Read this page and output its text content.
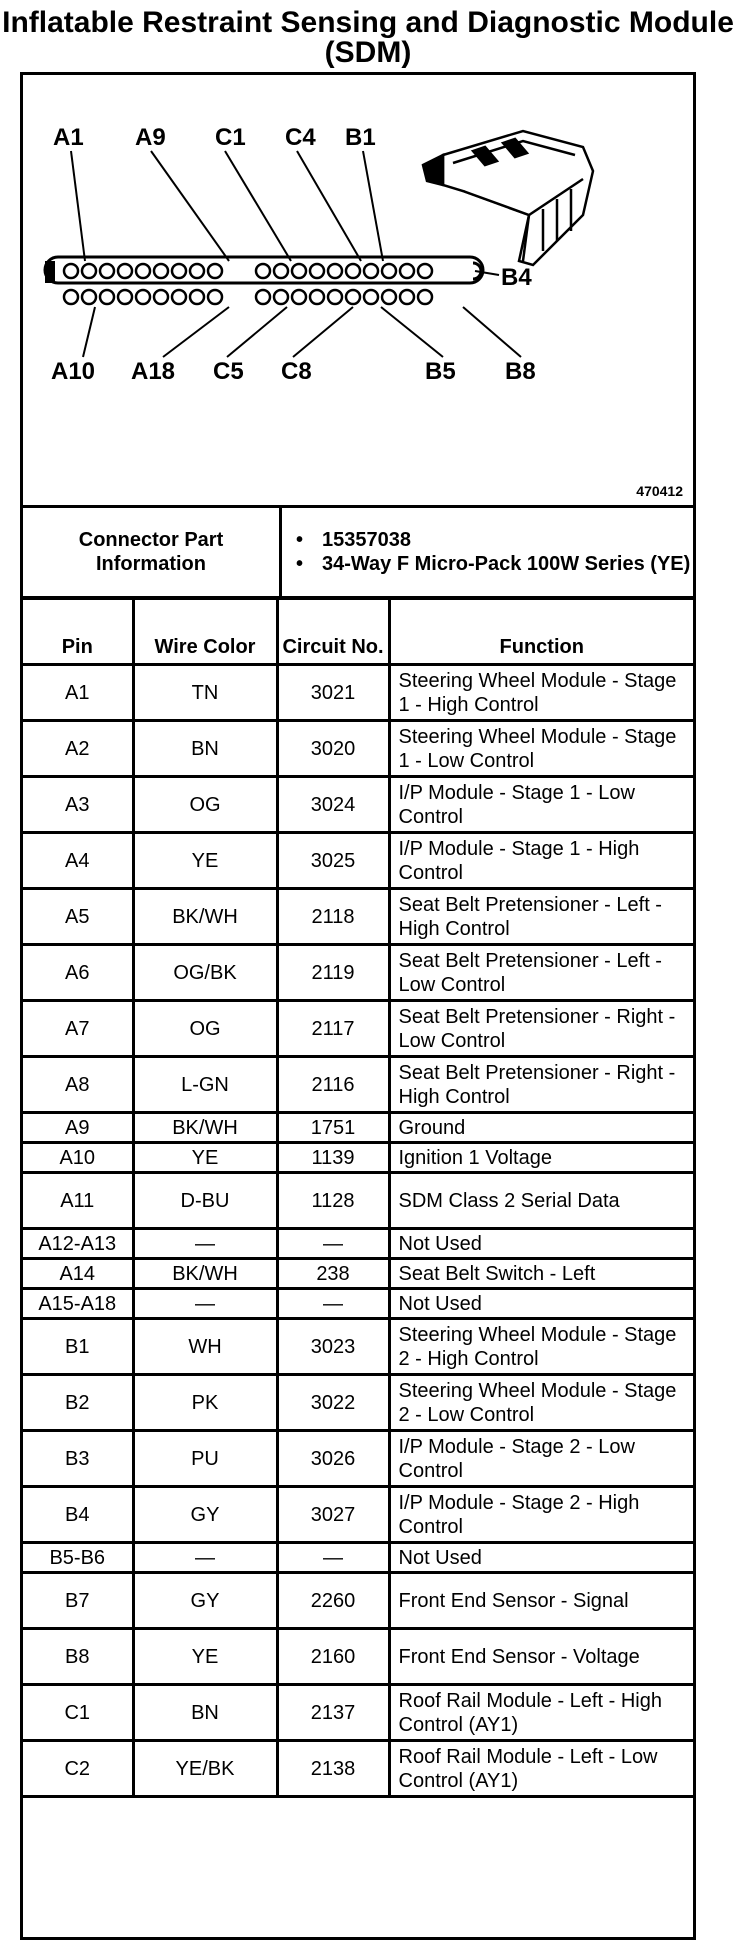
Inflatable Restraint Sensing and Diagnostic Module (SDM)
A1 A9 C1 C4 B1
B4
A10 A18 C5 C8	B5 B8
470412
Connector Part Information	
• 15357038
• 34-Way F Micro-Pack 100W Series (YE)
Pin	Wire Color	Circuit No.	Function
A1	TN	3021	Steering Wheel Module - Stage 1 - High Control
A2	BN	3020	Steering Wheel Module - Stage 1 - Low Control
A3	OG	3024	I/P Module - Stage 1 - Low Control
A4	YE	3025	I/P Module - Stage 1 - High Control
A5	BK/WH	2118	Seat Belt Pretensioner - Left - High Control
A6	OG/BK	2119	Seat Belt Pretensioner - Left - Low Control
A7	OG	2117	Seat Belt Pretensioner - Right - Low Control
A8	L-GN	2116	Seat Belt Pretensioner - Right - High Control
A9	BK/WH	1751	Ground
A10	YE	1139	Ignition 1 Voltage
A11	D-BU	1128	SDM Class 2 Serial Data
A12-A13	—	—	Not Used
A14	BK/WH	238	Seat Belt Switch - Left
A15-A18	—	—	Not Used
B1	WH	3023	Steering Wheel Module - Stage 2 - High Control
B2	PK	3022	Steering Wheel Module - Stage 2 - Low Control
B3	PU	3026	I/P Module - Stage 2 - Low Control
B4	GY	3027	I/P Module - Stage 2 - High Control
B5-B6	—	—	Not Used
B7	GY	2260	Front End Sensor - Signal
B8	YE	2160	Front End Sensor - Voltage
C1	BN	2137	Roof Rail Module - Left - High Control (AY1)
C2	YE/BK	2138	Roof Rail Module - Left - Low Control (AY1)
